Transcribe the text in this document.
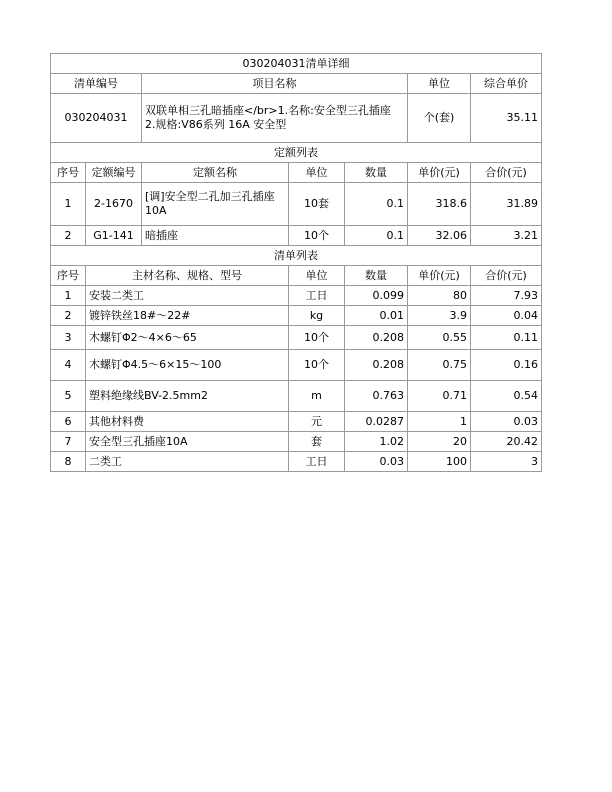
030204031清单详细						
清单编号		项目名称			单位	综合单价
030204031		双联单相三孔暗插座</br>1.名称:安全型三孔插座 2.规格:V86系列 16A 安全型			个(套)	35.11
定额列表						
序号	定额编号	定额名称	单位	数量	单价(元)	合价(元)
1	2-1670	[调]安全型二孔加三孔插座 10A	10套	0.1	318.6	31.89
2	G1-141	暗插座	10个	0.1	32.06	3.21
清单列表						
序号	主材名称、规格、型号		单位	数量	单价(元)	合价(元)
1	安装二类工		工日	0.099	80	7.93
2	镀锌铁丝18#～22#		kg	0.01	3.9	0.04
3	木螺钉Φ2～4×6～65		10个	0.208	0.55	0.11
4	木螺钉Φ4.5～6×15～100		10个	0.208	0.75	0.16
5	塑料绝缘线BV-2.5mm2		m	0.763	0.71	0.54
6	其他材料费		元	0.0287	1	0.03
7	安全型三孔插座10A		套	1.02	20	20.42
8	二类工		工日	0.03	100	3
